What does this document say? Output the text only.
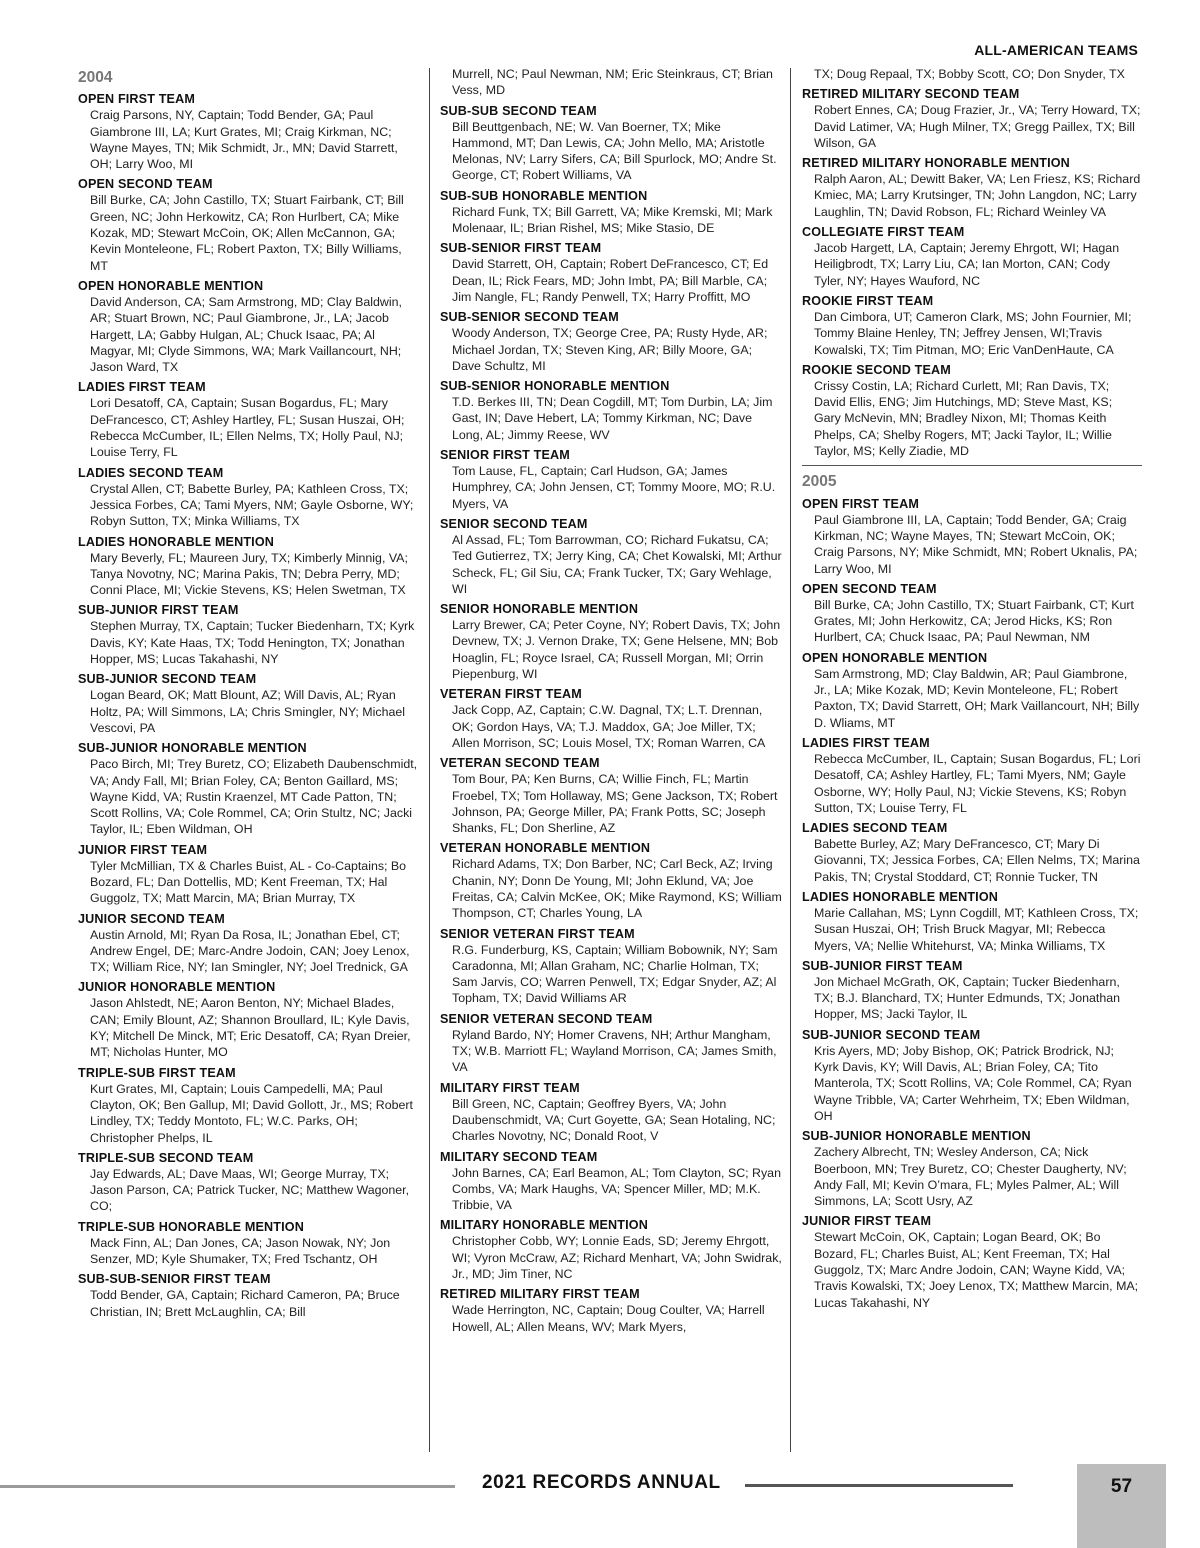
ALL-AMERICAN TEAMS
2004
OPEN FIRST TEAM

Craig Parsons, NY, Captain; Todd Bender, GA; Paul Giambrone III, LA; Kurt Grates, MI; Craig Kirkman, NC; Wayne Mayes, TN; Mik Schmidt, Jr., MN; David Starrett, OH; Larry Woo, MI

OPEN SECOND TEAM

Bill Burke, CA; John Castillo, TX; Stuart Fairbank, CT; Bill Green, NC; John Herkowitz, CA; Ron Hurlbert, CA; Mike Kozak, MD; Stewart McCoin, OK; Allen McCannon, GA; Kevin Monteleone, FL; Robert Paxton, TX; Billy Williams, MT

OPEN HONORABLE MENTION

David Anderson, CA; Sam Armstrong, MD; Clay Baldwin, AR; Stuart Brown, NC; Paul Giambrone, Jr., LA; Jacob Hargett, LA; Gabby Hulgan, AL; Chuck Isaac, PA; Al Magyar, MI; Clyde Simmons, WA; Mark Vaillancourt, NH; Jason Ward, TX

LADIES FIRST TEAM

Lori Desatoff, CA, Captain; Susan Bogardus, FL; Mary DeFrancesco, CT; Ashley Hartley, FL; Susan Huszai, OH; Rebecca McCumber, IL; Ellen Nelms, TX; Holly Paul, NJ; Louise Terry, FL

LADIES SECOND TEAM

Crystal Allen, CT; Babette Burley, PA; Kathleen Cross, TX; Jessica Forbes, CA; Tami Myers, NM; Gayle Osborne, WY; Robyn Sutton, TX; Minka Williams, TX

LADIES HONORABLE MENTION

Mary Beverly, FL; Maureen Jury, TX; Kimberly Minnig, VA; Tanya Novotny, NC; Marina Pakis, TN; Debra Perry, MD; Conni Place, MI; Vickie Stevens, KS; Helen Swetman, TX

SUB-JUNIOR FIRST TEAM

Stephen Murray, TX, Captain; Tucker Biedenharn, TX; Kyrk Davis, KY; Kate Haas, TX; Todd Henington, TX; Jonathan Hopper, MS; Lucas Takahashi, NY

SUB-JUNIOR SECOND TEAM

Logan Beard, OK; Matt Blount, AZ; Will Davis, AL; Ryan Holtz, PA; Will Simmons, LA; Chris Smingler, NY; Michael Vescovi, PA

SUB-JUNIOR HONORABLE MENTION

Paco Birch, MI; Trey Buretz, CO; Elizabeth Daubenschmidt, VA; Andy Fall, MI; Brian Foley, CA; Benton Gaillard, MS; Wayne Kidd, VA; Rustin Kraenzel, MT Cade Patton, TN; Scott Rollins, VA; Cole Rommel, CA; Orin Stultz, NC; Jacki Taylor, IL; Eben Wildman, OH

JUNIOR FIRST TEAM

Tyler McMillian, TX & Charles Buist, AL - Co-Captains; Bo Bozard, FL; Dan Dottellis, MD; Kent Freeman, TX; Hal Guggolz, TX; Matt Marcin, MA; Brian Murray, TX

JUNIOR SECOND TEAM

Austin Arnold, MI; Ryan Da Rosa, IL; Jonathan Ebel, CT; Andrew Engel, DE; Marc-Andre Jodoin, CAN; Joey Lenox, TX; William Rice, NY; Ian Smingler, NY; Joel Trednick, GA

JUNIOR HONORABLE MENTION

Jason Ahlstedt, NE; Aaron Benton, NY; Michael Blades, CAN; Emily Blount, AZ; Shannon Broullard, IL; Kyle Davis, KY; Mitchell De Minck, MT; Eric Desatoff, CA; Ryan Dreier, MT; Nicholas Hunter, MO

TRIPLE-SUB FIRST TEAM

Kurt Grates, MI, Captain; Louis Campedelli, MA; Paul Clayton, OK; Ben Gallup, MI; David Gollott, Jr., MS; Robert Lindley, TX; Teddy Montoto, FL; W.C. Parks, OH; Christopher Phelps, IL

TRIPLE-SUB SECOND TEAM

Jay Edwards, AL; Dave Maas, WI; George Murray, TX; Jason Parson, CA; Patrick Tucker, NC; Matthew Wagoner, CO;

TRIPLE-SUB HONORABLE MENTION

Mack Finn, AL; Dan Jones, CA; Jason Nowak, NY; Jon Senzer, MD; Kyle Shumaker, TX; Fred Tschantz, OH

SUB-SUB-SENIOR FIRST TEAM

Todd Bender, GA, Captain; Richard Cameron, PA; Bruce Christian, IN; Brett McLaughlin, CA; Bill

Murrell, NC; Paul Newman, NM; Eric Steinkraus, CT; Brian Vess, MD

SUB-SUB SECOND TEAM

Bill Beuttgenbach, NE; W. Van Boerner, TX; Mike Hammond, MT; Dan Lewis, CA; John Mello, MA; Aristotle Melonas, NV; Larry Sifers, CA; Bill Spurlock, MO; Andre St. George, CT; Robert Williams, VA

SUB-SUB HONORABLE MENTION

Richard Funk, TX; Bill Garrett, VA; Mike Kremski, MI; Mark Molenaar, IL; Brian Rishel, MS; Mike Stasio, DE

SUB-SENIOR FIRST TEAM

David Starrett, OH, Captain; Robert DeFrancesco, CT; Ed Dean, IL; Rick Fears, MD; John Imbt, PA; Bill Marble, CA; Jim Nangle, FL; Randy Penwell, TX; Harry Proffitt, MO

SUB-SENIOR SECOND TEAM

Woody Anderson, TX; George Cree, PA; Rusty Hyde, AR; Michael Jordan, TX; Steven King, AR; Billy Moore, GA; Dave Schultz, MI

SUB-SENIOR HONORABLE MENTION

T.D. Berkes III, TN; Dean Cogdill, MT; Tom Durbin, LA; Jim Gast, IN; Dave Hebert, LA; Tommy Kirkman, NC; Dave Long, AL; Jimmy Reese, WV

SENIOR FIRST TEAM

Tom Lause, FL, Captain; Carl Hudson, GA; James Humphrey, CA; John Jensen, CT; Tommy Moore, MO; R.U. Myers, VA

SENIOR SECOND TEAM

Al Assad, FL; Tom Barrowman, CO; Richard Fukatsu, CA; Ted Gutierrez, TX; Jerry King, CA; Chet Kowalski, MI; Arthur Scheck, FL; Gil Siu, CA; Frank Tucker, TX; Gary Wehlage, WI

SENIOR HONORABLE MENTION

Larry Brewer, CA; Peter Coyne, NY; Robert Davis, TX; John Devnew, TX; J. Vernon Drake, TX; Gene Helsene, MN; Bob Hoaglin, FL; Royce Israel, CA; Russell Morgan, MI; Orrin Piepenburg, WI

VETERAN FIRST TEAM

Jack Copp, AZ, Captain; C.W. Dagnal, TX; L.T. Drennan, OK; Gordon Hays, VA; T.J. Maddox, GA; Joe Miller, TX; Allen Morrison, SC; Louis Mosel, TX; Roman Warren, CA

VETERAN SECOND TEAM

Tom Bour, PA; Ken Burns, CA; Willie Finch, FL; Martin Froebel, TX; Tom Hollaway, MS; Gene Jackson, TX; Robert Johnson, PA; George Miller, PA; Frank Potts, SC; Joseph Shanks, FL; Don Sherline, AZ

VETERAN HONORABLE MENTION

Richard Adams, TX; Don Barber, NC; Carl Beck, AZ; Irving Chanin, NY; Donn De Young, MI; John Eklund, VA; Joe Freitas, CA; Calvin McKee, OK; Mike Raymond, KS; William Thompson, CT; Charles Young, LA

SENIOR VETERAN FIRST TEAM

R.G. Funderburg, KS, Captain; William Bobownik, NY; Sam Caradonna, MI; Allan Graham, NC; Charlie Holman, TX; Sam Jarvis, CO; Warren Penwell, TX; Edgar Snyder, AZ; Al Topham, TX; David Williams AR

SENIOR VETERAN SECOND TEAM

Ryland Bardo, NY; Homer Cravens, NH; Arthur Mangham, TX; W.B. Marriott FL; Wayland Morrison, CA; James Smith, VA

MILITARY FIRST TEAM

Bill Green, NC, Captain; Geoffrey Byers, VA; John Daubenschmidt, VA; Curt Goyette, GA; Sean Hotaling, NC; Charles Novotny, NC; Donald Root, V

MILITARY SECOND TEAM

John Barnes, CA; Earl Beamon, AL; Tom Clayton, SC; Ryan Combs, VA; Mark Haughs, VA; Spencer Miller, MD; M.K. Tribbie, VA

MILITARY HONORABLE MENTION

Christopher Cobb, WY; Lonnie Eads, SD; Jeremy Ehrgott, WI; Vyron McCraw, AZ; Richard Menhart, VA; John Swidrak, Jr., MD; Jim Tiner, NC

RETIRED MILITARY FIRST TEAM

Wade Herrington, NC, Captain; Doug Coulter, VA; Harrell Howell, AL; Allen Means, WV; Mark Myers,

TX; Doug Repaal, TX; Bobby Scott, CO; Don Snyder, TX

RETIRED MILITARY SECOND TEAM

Robert Ennes, CA; Doug Frazier, Jr., VA; Terry Howard, TX; David Latimer, VA; Hugh Milner, TX; Gregg Paillex, TX; Bill Wilson, GA

RETIRED MILITARY HONORABLE MENTION

Ralph Aaron, AL; Dewitt Baker, VA; Len Friesz, KS; Richard Kmiec, MA; Larry Krutsinger, TN; John Langdon, NC; Larry Laughlin, TN; David Robson, FL; Richard Weinley VA

COLLEGIATE FIRST TEAM

Jacob Hargett, LA, Captain; Jeremy Ehrgott, WI; Hagan Heiligbrodt, TX; Larry Liu, CA; Ian Morton, CAN; Cody Tyler, NY; Hayes Wauford, NC

ROOKIE FIRST TEAM

Dan Cimbora, UT; Cameron Clark, MS; John Fournier, MI; Tommy Blaine Henley, TN; Jeffrey Jensen, WI;Travis Kowalski, TX; Tim Pitman, MO; Eric VanDenHaute, CA

ROOKIE SECOND TEAM

Crissy Costin, LA; Richard Curlett, MI; Ran Davis, TX; David Ellis, ENG; Jim Hutchings, MD; Steve Mast, KS; Gary McNevin, MN; Bradley Nixon, MI; Thomas Keith Phelps, CA; Shelby Rogers, MT; Jacki Taylor, IL; Willie Taylor, MS; Kelly Ziadie, MD

2005
OPEN FIRST TEAM

Paul Giambrone III, LA, Captain; Todd Bender, GA; Craig Kirkman, NC; Wayne Mayes, TN; Stewart McCoin, OK; Craig Parsons, NY; Mike Schmidt, MN; Robert Uknalis, PA; Larry Woo, MI

OPEN SECOND TEAM

Bill Burke, CA; John Castillo, TX; Stuart Fairbank, CT; Kurt Grates, MI; John Herkowitz, CA; Jerod Hicks, KS; Ron Hurlbert, CA; Chuck Isaac, PA; Paul Newman, NM

OPEN HONORABLE MENTION

Sam Armstrong, MD; Clay Baldwin, AR; Paul Giambrone, Jr., LA; Mike Kozak, MD; Kevin Monteleone, FL; Robert Paxton, TX; David Starrett, OH; Mark Vaillancourt, NH; Billy D. Wliams, MT

LADIES FIRST TEAM

Rebecca McCumber, IL, Captain; Susan Bogardus, FL; Lori Desatoff, CA; Ashley Hartley, FL; Tami Myers, NM; Gayle Osborne, WY; Holly Paul, NJ; Vickie Stevens, KS; Robyn Sutton, TX; Louise Terry, FL

LADIES SECOND TEAM

Babette Burley, AZ; Mary DeFrancesco, CT; Mary Di Giovanni, TX; Jessica Forbes, CA; Ellen Nelms, TX; Marina Pakis, TN; Crystal Stoddard, CT; Ronnie Tucker, TN

LADIES HONORABLE MENTION

Marie Callahan, MS; Lynn Cogdill, MT; Kathleen Cross, TX; Susan Huszai, OH; Trish Bruck Magyar, MI; Rebecca Myers, VA; Nellie Whitehurst, VA; Minka Williams, TX

SUB-JUNIOR FIRST TEAM

Jon Michael McGrath, OK, Captain; Tucker Biedenharn, TX; B.J. Blanchard, TX; Hunter Edmunds, TX; Jonathan Hopper, MS; Jacki Taylor, IL

SUB-JUNIOR SECOND TEAM

Kris Ayers, MD; Joby Bishop, OK; Patrick Brodrick, NJ; Kyrk Davis, KY; Will Davis, AL; Brian Foley, CA; Tito Manterola, TX; Scott Rollins, VA; Cole Rommel, CA; Ryan Wayne Tribble, VA; Carter Wehrheim, TX; Eben Wildman, OH

SUB-JUNIOR HONORABLE MENTION

Zachery Albrecht, TN; Wesley Anderson, CA; Nick Boerboon, MN; Trey Buretz, CO; Chester Daugherty, NV; Andy Fall, MI; Kevin O’mara, FL; Myles Palmer, AL; Will Simmons, LA; Scott Usry, AZ

JUNIOR FIRST TEAM

Stewart McCoin, OK, Captain; Logan Beard, OK; Bo Bozard, FL; Charles Buist, AL; Kent Freeman, TX; Hal Guggolz, TX; Marc Andre Jodoin, CAN; Wayne Kidd, VA; Travis Kowalski, TX; Joey Lenox, TX; Matthew Marcin, MA; Lucas Takahashi, NY

2021 RECORDS ANNUAL	57
